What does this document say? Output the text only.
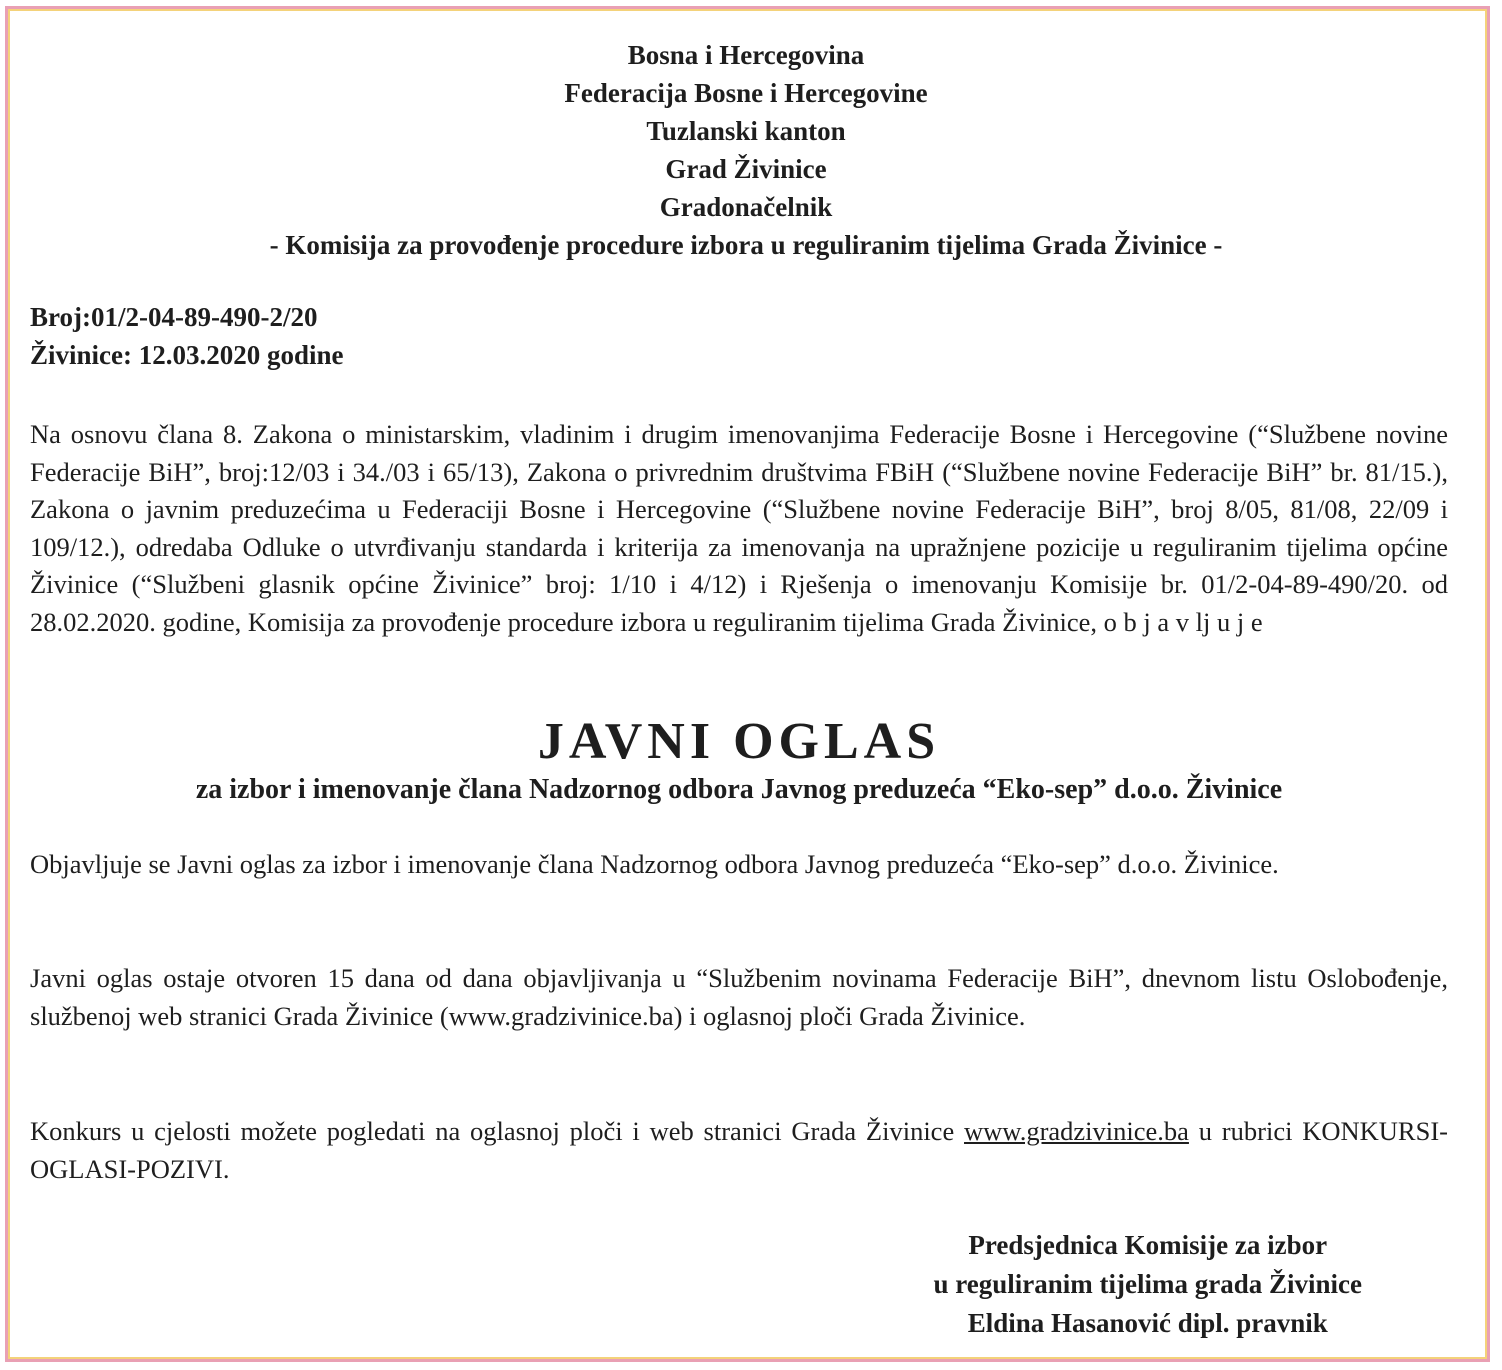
Bosna i Hercegovina
Federacija Bosne i Hercegovine
Tuzlanski kanton
Grad Živinice
Gradonačelnik
- Komisija za provođenje procedure izbora u reguliranim tijelima Grada Živinice -
Broj:01/2-04-89-490-2/20
Živinice: 12.03.2020 godine
Na osnovu člana 8. Zakona o ministarskim, vladinim i drugim imenovanjima Federacije Bosne i Hercegovine (“Službene novine Federacije BiH”, broj:12/03 i 34./03 i 65/13), Zakona o privrednim društvima FBiH (“Službene novine Federacije BiH” br. 81/15.), Zakona o javnim preduzećima u Federaciji Bosne i Hercegovine (“Službene novine Federacije BiH”, broj 8/05, 81/08, 22/09 i 109/12.), odredaba Odluke o utvrđivanju standarda i kriterija za imenovanja na upražnjene pozicije u reguliranim tijelima općine Živinice (“Službeni glasnik općine Živinice” broj: 1/10 i 4/12) i Rješenja o imenovanju Komisije br. 01/2-04-89-490/20. od 28.02.2020. godine, Komisija za provođenje procedure izbora u reguliranim tijelima Grada Živinice, o b j a v lj u j e
JAVNI OGLAS
za izbor i imenovanje člana Nadzornog odbora Javnog preduzeća “Eko-sep” d.o.o. Živinice
Objavljuje se Javni oglas za izbor i imenovanje člana Nadzornog odbora Javnog preduzeća “Eko-sep” d.o.o. Živinice.
Javni oglas ostaje otvoren 15 dana od dana objavljivanja u “Službenim novinama Federacije BiH”, dnevnom listu Oslobođenje, službenoj web stranici Grada Živinice (www.gradzivinice.ba) i oglasnoj ploči Grada Živinice.
Konkurs u cjelosti možete pogledati na oglasnoj ploči i web stranici Grada Živinice www.gradzivinice.ba u rubrici KONKURSI-OGLASI-POZIVI.
Predsjednica Komisije za izbor
u reguliranim tijelima grada Živinice
Eldina Hasanović dipl. pravnik
